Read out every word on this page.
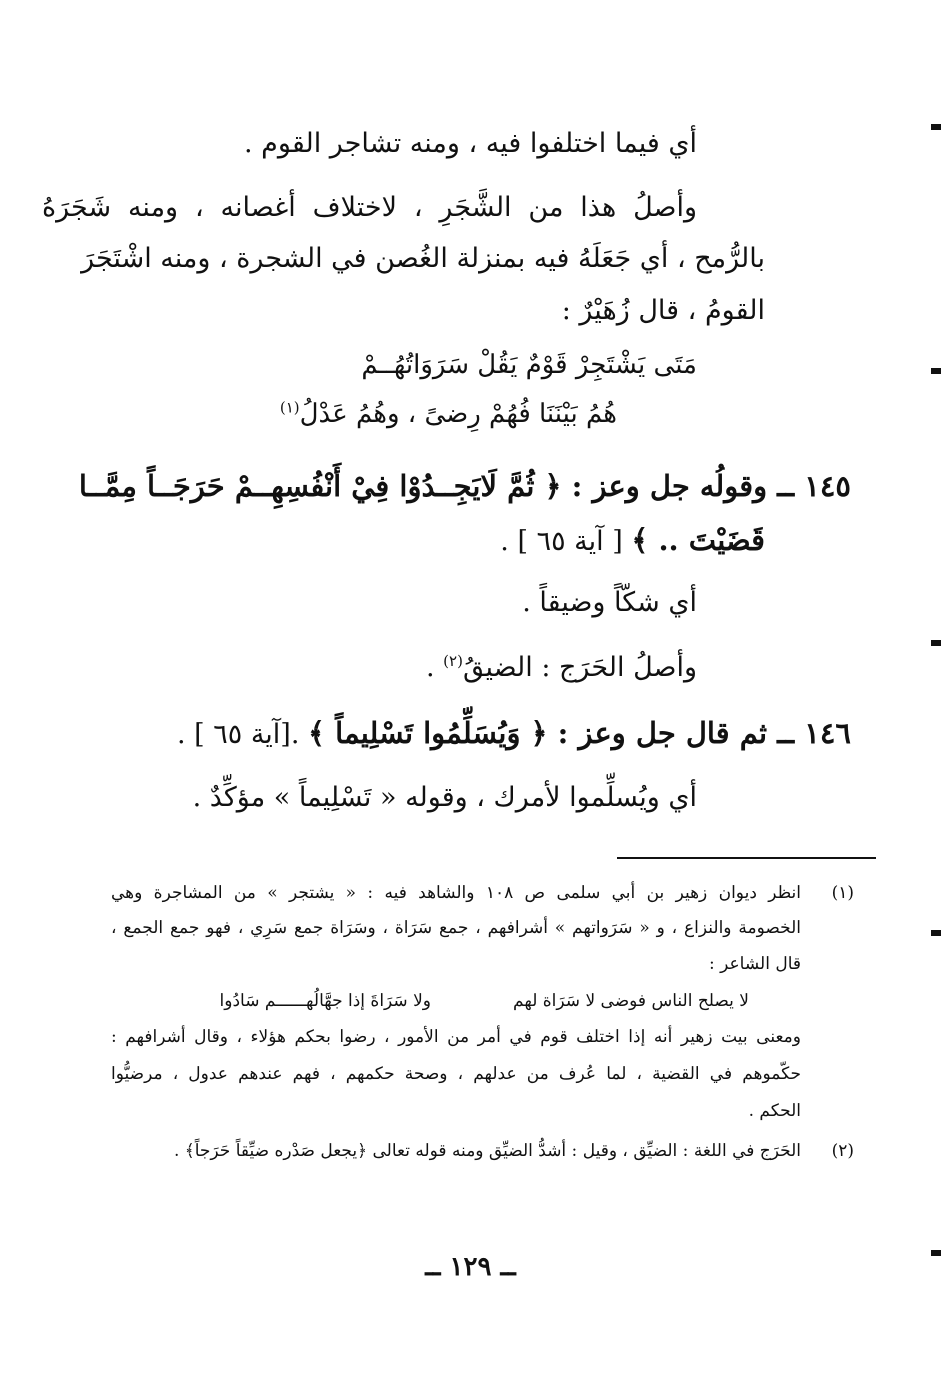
أي فيما اختلفوا فيه ، ومنه تشاجر القوم .
وأصلُ هذا من الشَّجَرِ ، لاختلاف أغصانه ، ومنه شَجَرَهُ
بالرُّمح ، أي جَعَلَهُ فيه بمنزلة الغُصن في الشجرة ، ومنه اشْتَجَرَ
القومُ ، قال زُهَيْرٌ :
مَتَى يَشْتَجِرْ قَوْمٌ يَقُلْ سَرَوَاتُهُــمْ
هُمُ بَيْنَنَا فُهُمْ رِضىً ، وهُمُ عَدْلُ$^{(١)}$
١٤٥ ــ وقولُه جل وعز : ﴿ ثُمَّ لَايَجِــدُوْا فِيْ أَنْفُسِهِــمْ حَرَجَــاً مِمَّــا
قَضَيْتَ .. ﴾ [ آية ٦٥ ] .
أي شكّاً وضيقاً .
وأصلُ الحَرَج : الضيقُ$^{(٢)}$ .
١٤٦ ــ ثم قال جل وعز : ﴿ وَيُسَلِّمُوا تَسْلِيماً ﴾ .[آية ٦٥ ] .
أي ويُسلِّموا لأمرك ، وقوله « تَسْلِيماً » مؤكِّدٌ .
(١)
انظر ديوان زهير بن أبي سلمى ص ١٠٨ والشاهد فيه : « يشتجر » من المشاجرة وهي
الخصومة والنزاع ، و « سَرَواتهم » أشرافهم ، جمع سَرَاة ، وسَرَاة جمع سَرِي ، فهو جمع الجمع ،
قال الشاعر :
لا يصلح الناس فوضى لا سَرَاة لهم
ولا سَرَاةَ إذا جهَّالُهــــــم سَادُوا
ومعنى بيت زهير أنه إذا اختلف قوم في أمر من الأمور ، رضوا بحكم هؤلاء ، وقال أشرافهم :
حكّموهم في القضية ، لما عُرف من عدلهم ، وصحة حكمهم ، فهم عندهم عدول ، مرضيُّوا
الحكم .
(٢)
الحَرَج في اللغة : الضيِّق ، وقيل : أشدُّ الضيِّق ومنه قوله تعالى ﴿يجعل صَدْره ضيِّقاً حَرَجاً﴾ .
ــ ١٢٩ ــ
